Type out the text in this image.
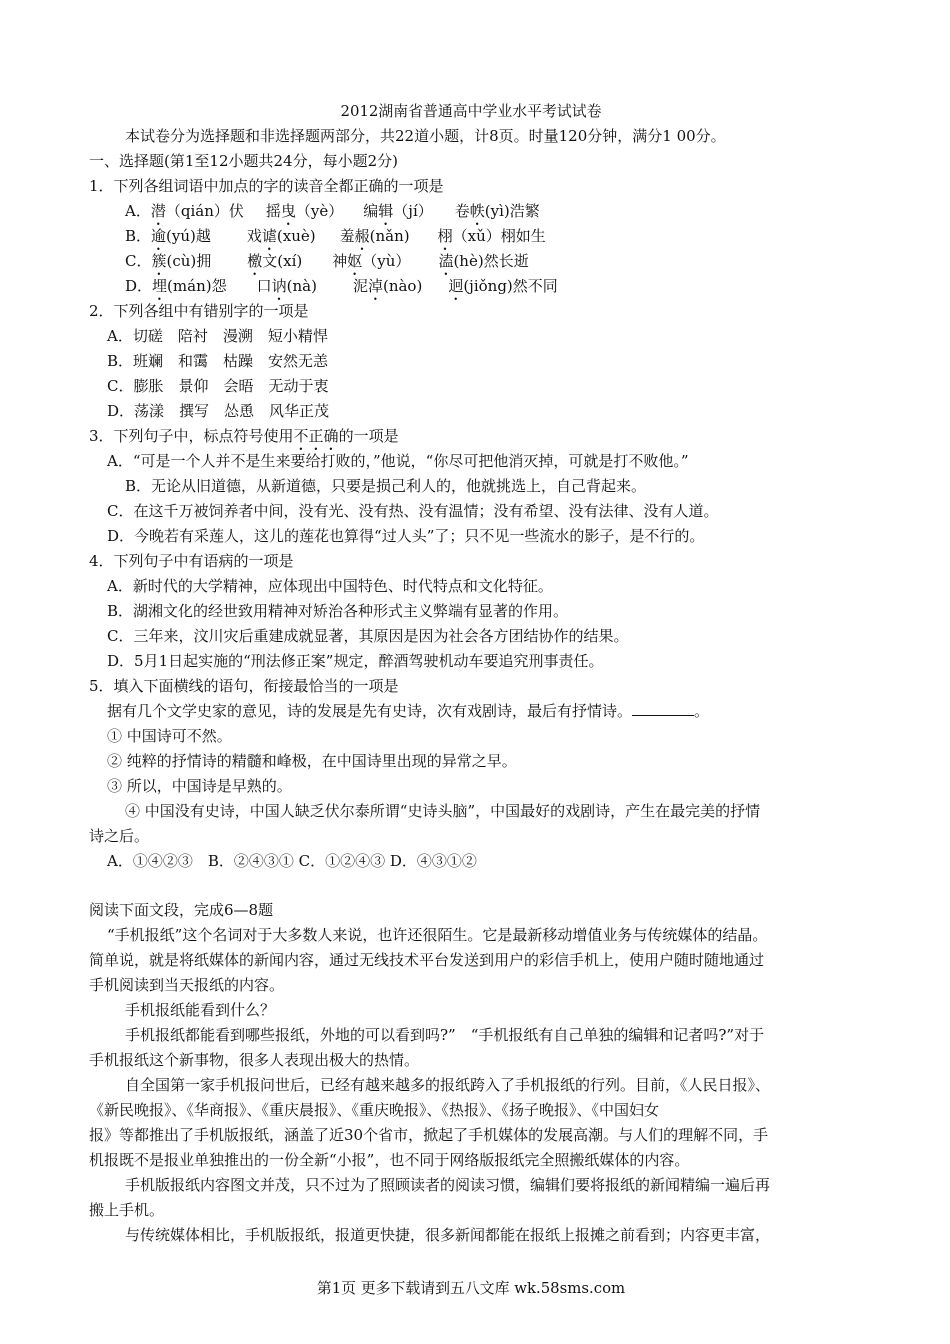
2012湖南省普通高中学业水平考试试卷
本试卷分为选择题和非选择题两部分，共22道小题，计8页。时量120分钟，满分1 00分。
一、选择题(第1至12小题共24分，每小题2分)
1．下列各组词语中加点的字的读音全都正确的一项是
A．潜（qián）伏 摇曳（yè） 编辑（jí） 卷帙(yì)浩繁
B．逾(yú)越 戏谑(xuè) 羞赧(nǎn) 栩（xǔ）栩如生
C．簇(cù)拥 檄文(xí) 神妪（yù） 溘(hè)然长逝
D．埋(mán)怨 口讷(nà) 泥淖(nào) 迥(jiǒng)然不同
2．下列各组中有错别字的一项是
A．切磋　陪衬　漫溯　短小精悍
B．班斓　和霭　枯躁　安然无恙
C．膨胀　景仰　会晤　无动于衷
D．荡漾　撰写　怂恿　风华正茂
3．下列句子中，标点符号使用不正确的一项是
A．“可是一个人并不是生来要给打败的，”他说，“你尽可把他消灭掉，可就是打不败他。”
B．无论从旧道德，从新道德，只要是损己利人的，他就挑选上，自己背起来。
C．在这千万被饲养者中间，没有光、没有热、没有温情；没有希望、没有法律、没有人道。
D．今晚若有采莲人，这儿的莲花也算得“过人头”了；只不见一些流水的影子，是不行的。
4．下列句子中有语病的一项是
A．新时代的大学精神，应体现出中国特色、时代特点和文化特征。
B．湖湘文化的经世致用精神对矫治各种形式主义弊端有显著的作用。
C．三年来，汶川灾后重建成就显著，其原因是因为社会各方团结协作的结果。
D．5月1日起实施的“刑法修正案”规定，醉酒驾驶机动车要追究刑事责任。
5．填入下面横线的语句，衔接最恰当的一项是
据有几个文学史家的意见，诗的发展是先有史诗，次有戏剧诗，最后有抒情诗。	。
① 中国诗可不然。
② 纯粹的抒情诗的精髓和峰极，在中国诗里出现的异常之早。
③ 所以，中国诗是早熟的。
④ 中国没有史诗，中国人缺乏伏尔泰所谓“史诗头脑”，中国最好的戏剧诗，产生在最完美的抒情
诗之后。
A．①④②③　B．②④③① C．①②④③ D．④③①②
阅读下面文段，完成6—8题
“手机报纸”这个名词对于大多数人来说，也许还很陌生。它是最新移动增值业务与传统媒体的结晶。
简单说，就是将纸媒体的新闻内容，通过无线技术平台发送到用户的彩信手机上，使用户随时随地通过
手机阅读到当天报纸的内容。
手机报纸能看到什么？
手机报纸都能看到哪些报纸，外地的可以看到吗?”　“手机报纸有自己单独的编辑和记者吗?”对于
手机报纸这个新事物，很多人表现出极大的热情。
自全国第一家手机报问世后，已经有越来越多的报纸跨入了手机报纸的行列。目前，《人民日报》、
《新民晚报》、《华商报》、《重庆晨报》、《重庆晚报》、《热报》、《扬子晚报》、《中国妇女
报》等都推出了手机版报纸，涵盖了近30个省市，掀起了手机媒体的发展高潮。与人们的理解不同，手
机报既不是报业单独推出的一份全新“小报”，也不同于网络版报纸完全照搬纸媒体的内容。
手机版报纸内容图文并茂，只不过为了照顾读者的阅读习惯，编辑们要将报纸的新闻精编一遍后再
搬上手机。
与传统媒体相比，手机版报纸，报道更快捷，很多新闻都能在报纸上报摊之前看到；内容更丰富，
第1页 更多下载请到五八文库 wk.58sms.com
